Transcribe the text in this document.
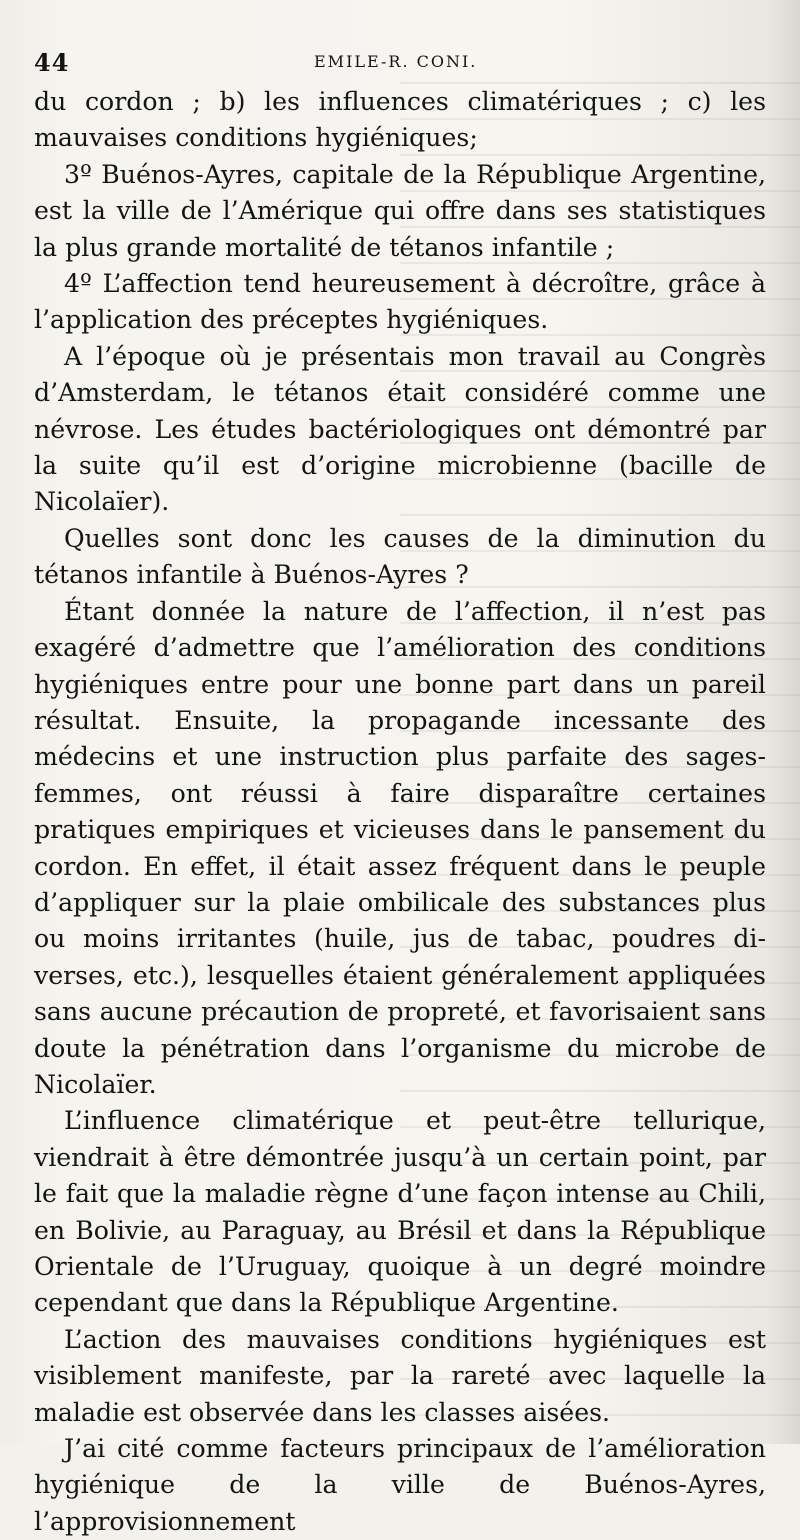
44	EMILE-R. CONI.

du cordon ; b) les influences climatériques ; c) les mauvaises conditions hygiéniques;

3º Buénos-Ayres, capitale de la République Argentine, est la ville de l’Amérique qui offre dans ses statistiques la plus grande mortalité de tétanos infantile ;

4º L’affection tend heureusement à décroître, grâce à l’application des préceptes hygiéniques.

A l’époque où je présentais mon travail au Congrès d’Amsterdam, le tétanos était considéré comme une névrose. Les études bactériologiques ont démontré par la suite qu’il est d’origine microbienne (bacille de Nicolaïer).

Quelles sont donc les causes de la diminution du tétanos infantile à Buénos-Ayres ?

Étant donnée la nature de l’affection, il n’est pas exagéré d’admettre que l’amélioration des conditions hygiéniques entre pour une bonne part dans un pareil résultat. Ensuite, la propagande incessante des médecins et une instruction plus parfaite des sages-femmes, ont réussi à faire disparaître certaines pratiques empiriques et vicieuses dans le pansement du cordon. En effet, il était assez fréquent dans le peuple d’appliquer sur la plaie ombilicale des substances plus ou moins irritantes (huile, jus de tabac, poudres diverses, etc.), lesquelles étaient généralement appliquées sans aucune précaution de propreté, et favorisaient sans doute la pénétration dans l’organisme du microbe de Nicolaïer.

L’influence climatérique et peut-être tellurique, viendrait à être démontrée jusqu’à un certain point, par le fait que la maladie règne d’une façon intense au Chili, en Bolivie, au Paraguay, au Brésil et dans la République Orientale de l’Uruguay, quoique à un degré moindre cependant que dans la République Argentine.

L’action des mauvaises conditions hygiéniques est visiblement manifeste, par la rareté avec laquelle la maladie est observée dans les classes aisées.

J’ai cité comme facteurs principaux de l’amélioration hygiénique de la ville de Buénos-Ayres, l’approvisionnement
